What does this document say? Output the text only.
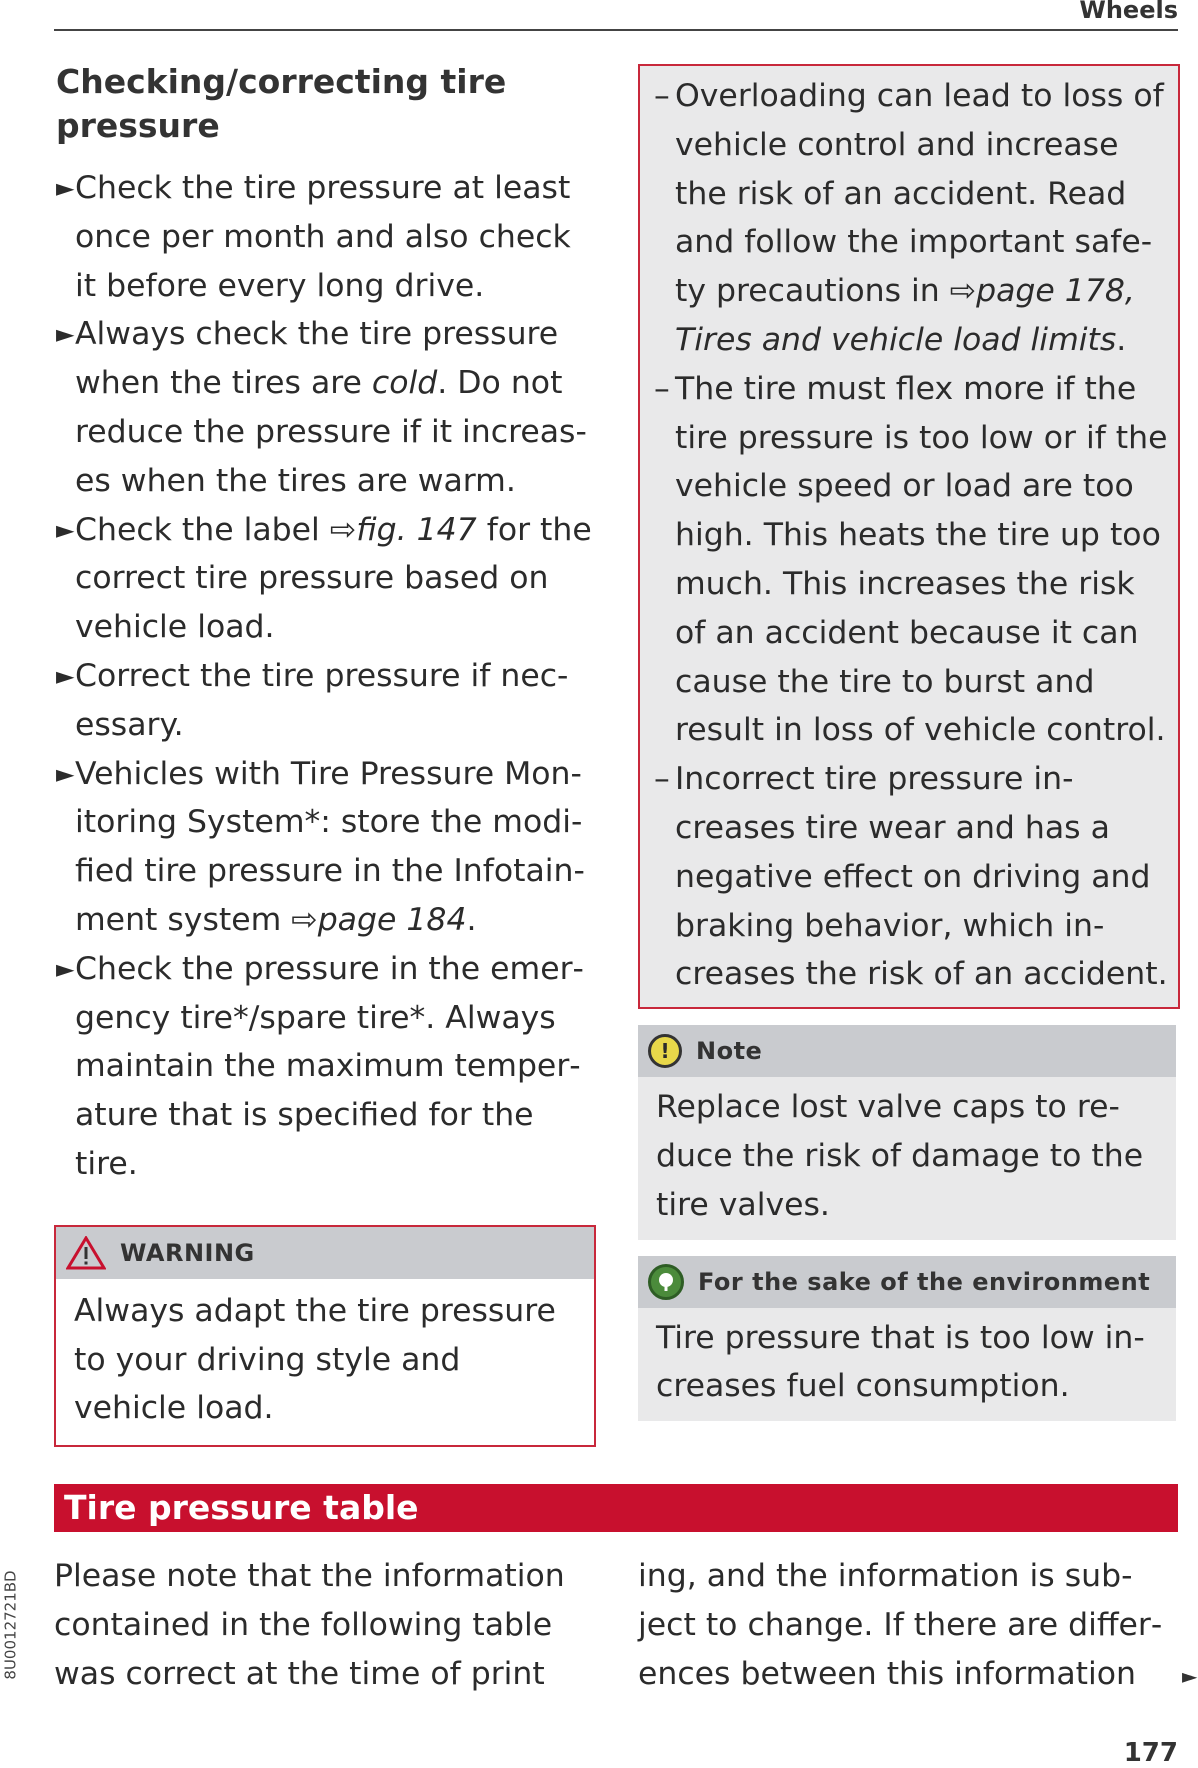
Wheels
Checking/correcting tire pressure

► Check the tire pressure at least once per month and also check it before every long drive.

► Always check the tire pressure when the tires are cold. Do not reduce the pressure if it increases when the tires are warm.

► Check the label ⇨fig. 147 for the correct tire pressure based on vehicle load.

► Correct the tire pressure if necessary.

► Vehicles with Tire Pressure Monitoring System*: store the modified tire pressure in the Infotainment system ⇨page 184.

► Check the pressure in the emergency tire*/spare tire*. Always maintain the maximum temperature that is specified for the tire.

WARNING
Always adapt the tire pressure to your driving style and vehicle load.

– Overloading can lead to loss of vehicle control and increase the risk of an accident. Read and follow the important safety precautions in ⇨page 178, Tires and vehicle load limits.

– The tire must flex more if the tire pressure is too low or if the vehicle speed or load are too high. This heats the tire up too much. This increases the risk of an accident because it can cause the tire to burst and result in loss of vehicle control.

– Incorrect tire pressure increases tire wear and has a negative effect on driving and braking behavior, which increases the risk of an accident.

!	Note
Replace lost valve caps to reduce the risk of damage to the tire valves.
For the sake of the environment
Tire pressure that is too low increases fuel consumption.
Tire pressure table
Please note that the information contained in the following table was correct at the time of print
ing, and the information is subject to change. If there are differences between this information	►
8U0012721BD
177
